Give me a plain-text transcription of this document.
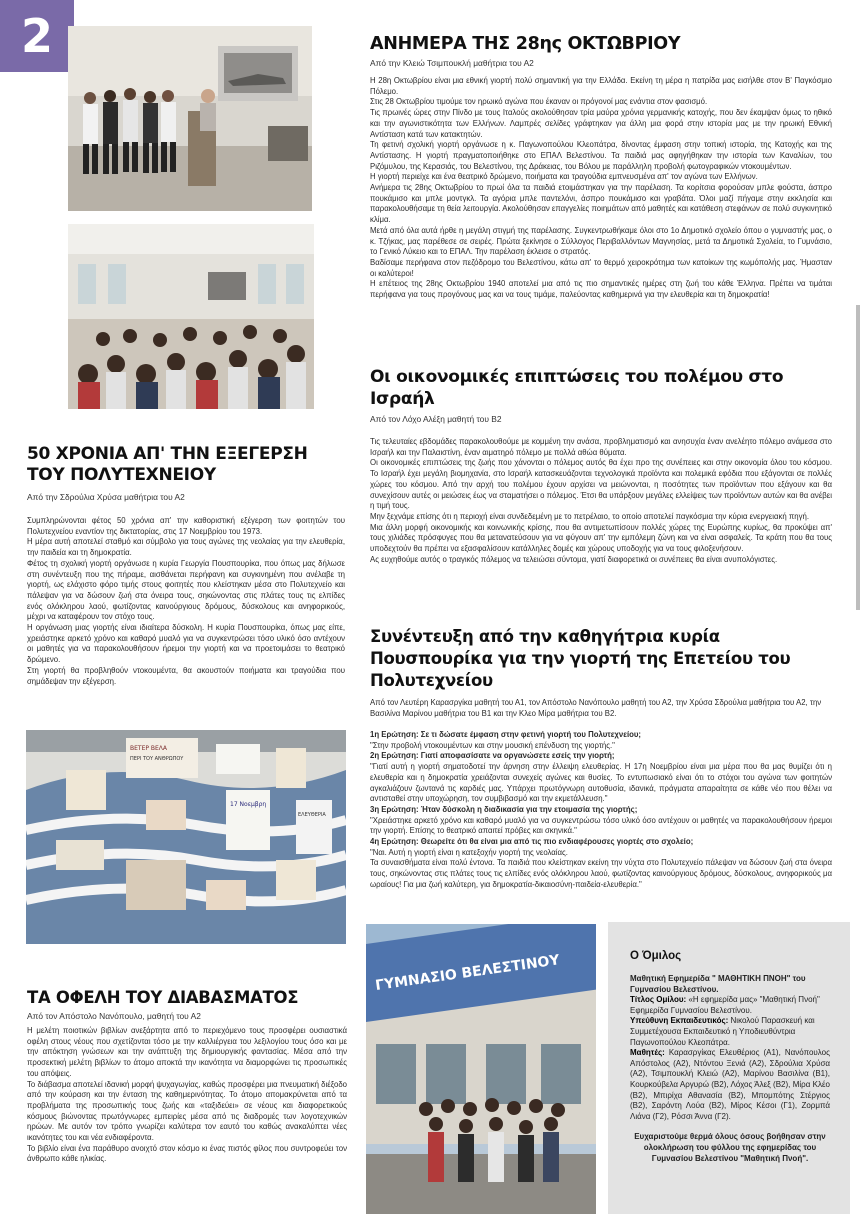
2	ΑΝΗΜΕΡΑ ΤΗΣ 28ης ΟΚΤΩΒΡΙΟΥ
Από την Κλειώ Τσιμπουκλή μαθήτρια του Α2

Η 28η Οκτωβρίου είναι μια εθνική γιορτή πολύ σημαντική για την Ελλάδα. Εκείνη τη μέρα η πατρίδα μας εισήλθε στον Β' Παγκόσμιο Πόλεμο.

Στις 28 Οκτωβρίου τιμούμε τον ηρωικό αγώνα που έκαναν οι πρόγονοί μας ενάντια στον φασισμό.

Τις πρωινές ώρες στην Πίνδο με τους Ιταλούς ακολούθησαν τρία μαύρα χρόνια γερμανικής κατοχής, που δεν έκαμψαν όμως το ηθικό και την αγωνιστικότητα των Ελλήνων. Λαμπρές σελίδες γράφτηκαν για άλλη μια φορά στην ιστορία μας με την ηρωική Εθνική Αντίσταση κατά των κατακτητών.

Τη φετινή σχολική γιορτή οργάνωσε η κ. Παγωνοπούλου Κλεοπάτρα, δίνοντας έμφαση στην τοπική ιστορία, της Κατοχής και της Αντίστασης. Η γιορτή πραγματοποιήθηκε στο ΕΠΑΛ Βελεστίνου. Τα παιδιά μας αφηγήθηκαν την ιστορία των Καναλίων, του Ριζόμυλου, της Κερασιάς, του Βελεστίνου, της Δράκειας, του Βόλου με παράλληλη προβολή φωτογραφικών ντοκουμέντων.

Η γιορτή περιείχε και ένα θεατρικό δρώμενο, ποιήματα και τραγούδια εμπνευσμένα απ' τον αγώνα των Ελλήνων.

Ανήμερα τις 28ης Οκτωβρίου το πρωί όλα τα παιδιά ετοιμάστηκαν για την παρέλαση. Τα κορίτσια φορούσαν μπλε φούστα, άσπρο πουκάμισο και μπλε μοντγκλ. Τα αγόρια μπλε παντελόνι, άσπρο πουκάμισο και γραβάτα. Όλοι μαζί πήγαμε στην εκκλησία και παρακολουθήσαμε τη θεία λειτουργία. Ακολούθησαν επαγγελίες ποιημάτων από μαθητές και κατάθεση στεφάνων σε πολύ συγκινητικό κλίμα.

Μετά από όλα αυτά ήρθε η μεγάλη στιγμή της παρέλασης. Συγκεντρωθήκαμε όλοι στο 1ο Δημοτικό σχολείο όπου ο γυμναστής μας, ο κ. Τζήκας, μας παρέθεσε σε σειρές. Πρώτα ξεκίνησε ο Σύλλογος Περιβαλλόντων Μαγνησίας, μετά τα Δημοτικά Σχολεία, το Γυμνάσιο, το Γενικό Λύκειο και το ΕΠΑΛ. Την παρέλαση έκλεισε ο στρατός.

Βαδίσαμε περήφανα στον πεζόδρομο του Βελεστίνου, κάτω απ' το θερμό χειροκρότημα των κατοίκων της κωμόπολής μας. Ήμασταν οι καλύτεροι!

Η επέτειος της 28ης Οκτωβρίου 1940 αποτελεί μια από τις πιο σημαντικές ημέρες στη ζωή του κάθε Έλληνα. Πρέπει να τιμάται περήφανα για τους προγόνους μας και να τους τιμάμε, παλεύοντας καθημερινά για την ελευθερία και τη δημοκρατία!

Οι οικονομικές επιπτώσεις του πολέμου στο Ισραήλ
Από τον Λόχο Αλέξη μαθητή του Β2

Τις τελευταίες εβδομάδες παρακολουθούμε με κομμένη την ανάσα, προβληματισμό και ανησυχία έναν ανελέητο πόλεμο ανάμεσα στο Ισραήλ και την Παλαιστίνη, έναν αιματηρό πόλεμο με πολλά αθώα θύματα.

Οι οικονομικές επιπτώσεις της ζωής που χάνονται ο πόλεμος αυτός θα έχει προ της συνέπειες και στην οικονομία όλου του κόσμου. Το Ισραήλ έχει μεγάλη βιομηχανία, στο Ισραήλ κατασκευάζονται τεχνολογικά προϊόντα και πολεμικά εφόδια που εξάγονται σε πολλές χώρες του κόσμου. Από την αρχή του πολέμου έχουν αρχίσει να μειώνονται, η ποσότητες των προϊόντων που εξάγουν και θα συνεχίσουν αυτές οι μειώσεις έως να σταματήσει ο πόλεμος. Έτσι θα υπάρξουν μεγάλες ελλείψεις των προϊόντων αυτών και θα ανέβει η τιμή τους.

Μην ξεχνάμε επίσης ότι η περιοχή είναι συνδεδεμένη με το πετρέλαιο, το οποίο αποτελεί παγκόσμια την κύρια ενεργειακή πηγή.

Μια άλλη μορφή οικονομικής και κοινωνικής κρίσης, που θα αντιμετωπίσουν πολλές χώρες της Ευρώπης κυρίως, θα προκύψει απ' τους χιλιάδες πρόσφυγες που θα μετανατεύσουν για να φύγουν απ' την εμπόλεμη ζώνη και να είναι ασφαλείς. Τα κράτη που θα τους υποδεχτούν θα πρέπει να εξασφαλίσουν κατάλληλες δομές και χώρους υποδοχής για να τους φιλοξενήσουν.

Ας ευχηθούμε αυτός ο τραγικός πόλεμος να τελειώσει σύντομα, γιατί διαφορετικά οι συνέπειες θα είναι ανυπολόγιστες.

50 ΧΡΟΝΙΑ ΑΠ' ΤΗΝ ΕΞΕΓΕΡΣΗ
ΤΟΥ ΠΟΛΥΤΕΧΝΕΙΟΥ
Από την Σδρούλια Χρύσα μαθήτρια του Α2

Συμπληρώνονται φέτος 50 χρόνια απ' την καθοριστική εξέγερση των φοιτητών του Πολυτεχνείου εναντίον της δικτατορίας, στις 17 Νοεμβρίου του 1973.

Η μέρα αυτή αποτελεί σταθμό και σύμβολο για τους αγώνες της νεολαίας για την ελευθερία, την παιδεία και τη δημοκρατία.

Φέτος τη σχολική γιορτή οργάνωσε η κυρία Γεωργία Πουσπουρίκα, που όπως μας δήλωσε στη συνέντευξη που της πήραμε, αισθάνεται περήφανη και συγκινημένη που ανέλαβε τη γιορτή, ως ελάχιστο φόρο τιμής στους φοιτητές που κλείστηκαν μέσα στο Πολυτεχνείο και πάλεψαν για να δώσουν ζωή στα όνειρα τους, σηκώνοντας στις πλάτες τους τις ελπίδες ενός ολόκληρου λαού, φωτίζοντας καινούργιους δρόμους, δύσκολους και ανηφορικούς, μέχρι να καταφέρουν τον στόχο τους.

Η οργάνωση μιας γιορτής είναι ιδιαίτερα δύσκολη. Η κυρία Πουσπουρίκα, όπως μας είπε, χρειάστηκε αρκετό χρόνο και καθαρό μυαλό για να συγκεντρώσει τόσο υλικό όσο αντέχουν οι μαθητές για να παρακολουθήσουν ήρεμοι την γιορτή και να προετοιμάσει το θεατρικό δρώμενο.

Στη γιορτή θα προβληθούν ντοκουμέντα, θα ακουστούν ποιήματα και τραγούδια που σημάδεψαν την εξέγερση.

Συνέντευξη από την καθηγήτρια κυρία
Πουσπουρίκα για την γιορτή της Επετείου του
Πολυτεχνείου

Από τον Λευτέρη Καρασργίκα μαθητή του Α1, τον Απόστολο Νανόπουλο μαθητή του Α2, την Χρύσα Σδρούλια μαθήτρια του Α2, την Βασιλίνα Μαρίνου μαθήτρια του Β1 και την Κλεο Μίρα μαθήτρια του Β2.

1η Ερώτηση: Σε τι δώσατε έμφαση στην φετινή γιορτή του Πολυτεχνείου;

"Στην προβολή ντοκουμέντων και στην μουσική επένδυση της γιορτής."

2η Ερώτηση: Γιατί αποφασίσατε να οργανώσετε εσείς την γιορτή;

"Γιατί αυτή η γιορτή σηματοδοτεί την άρνηση στην έλλειψη ελευθερίας. Η 17η Νοεμβρίου είναι μια μέρα που θα μας θυμίζει ότι η ελευθερία και η δημοκρατία χρειάζονται συνεχείς αγώνες και θυσίες. Το εντυπωσιακό είναι ότι το στόχοι του αγώνα των φοιτητών αγκαλιάζουν ζωντανά τις καρδιές μας. Υπάρχει πρωτόγνωρη αυτοθυσία, ιδανικά, πράγματα απαραίτητα σε κάθε νέο που θέλει να αντισταθεί στην υποχώρηση, τον συμβιβασμό και την εκμετάλλευση."

3η Ερώτηση: Ήταν δύσκολη η διαδικασία για την ετοιμασία της γιορτής;

"Χρειάστηκε αρκετό χρόνο και καθαρό μυαλό για να συγκεντρώσω τόσο υλικό όσο αντέχουν οι μαθητές να παρακολουθήσουν ήρεμοι την γιορτή. Επίσης το θεατρικό απαιτεί πρόβες και σκηνικά."

4η Ερώτηση: Θεωρείτε ότι θα είναι μια από τις πιο ενδιαφέρουσες γιορτές στο σχολείο;

"Ναι. Αυτή η γιορτή είναι η κατεξοχήν γιορτή της νεολαίας.

Τα συναισθήματα είναι πολύ έντονα. Τα παιδιά που κλείστηκαν εκείνη την νύχτα στο Πολυτεχνείο πάλεψαν να δώσουν ζωή στα όνειρα τους, σηκώνοντας στις πλάτες τους τις ελπίδες ενός ολόκληρου λαού, φωτίζοντας καινούργιους δρόμους, δύσκολους, ανηφορικούς μα ωραίους! Για μια ζωή καλύτερη, για δημοκρατία-δικαιοσύνη-παιδεία-ελευθερία."

ΒΕΤΕΡ ΒΕΛΑ
ΠΕΡΙ ΤΟΥ ΑΝΘΡΩΠΟΥ
17 Νοεμβρη
ΕΛΕΥΘΕΡΙΑ
ΤΑ ΟΦΕΛΗ ΤΟΥ ΔΙΑΒΑΣΜΑΤΟΣ
Από τον Απόστολο Νανόπουλο, μαθητή του Α2

Η μελέτη ποιοτικών βιβλίων ανεξάρτητα από το περιεχόμενο τους προσφέρει ουσιαστικά οφέλη στους νέους που σχετίζονται τόσο με την καλλιέργεια του λεξιλογίου τους όσο και με την απόκτηση γνώσεων και την ανάπτυξη της δημιουργικής φαντασίας. Μέσα από την προσεκτική μελέτη βιβλίων το άτομο αποκτά την ικανότητα να διαμορφώνει τις προσωπικές του απόψεις.

Το διάβασμα αποτελεί ιδανική μορφή ψυχαγωγίας, καθώς προσφέρει μια πνευματική διέξοδο από την κούραση και την ένταση της καθημερινότητας. Το άτομο απομακρύνεται από τα προβλήματα της προσωπικής τους ζωής και «ταξιδεύει» σε νέους και διαφορετικούς κόσμους βιώνοντας πρωτόγνωρες εμπειρίες μέσα από τις διαδρομές των λογοτεχνικών ηρώων. Με αυτόν τον τρόπο γνωρίζει καλύτερα τον εαυτό του καθώς ανακαλύπτει νέες ικανότητες του και νέα ενδιαφέροντα.

Το βιβλίο είναι ένα παράθυρο ανοιχτό στον κόσμο κι ένας πιστός φίλος που συντροφεύει τον άνθρωπο κάθε ηλικίας.

ΓΥΜΝΑΣΙΟ ΒΕΛΕΣΤΙΝΟΥ	Ο Όμιλος

Μαθητική Εφημερίδα " ΜΑΘΗΤΙΚΗ ΠΝΟΗ" του Γυμνασίου Βελεστίνου.

Τίτλος Ομίλου: «Η εφημερίδα μας» "Μαθητική Πνοή" Εφημερίδα Γυμνασίου Βελεστίνου.

Υπεύθυνη Εκπαιδευτικός: Νικολού Παρασκευή και Συμμετέχουσα Εκπαιδευτικό η Υποδιευθύντρια Παγωνοπούλου Κλεοπάτρα.

Μαθητές: Καρασργίκας Ελευθέριος (Α1), Νανόπουλος Απόστολος (Α2), Ντόντου Ξενιά (Α2), Σδρούλια Χρύσα (Α2), Τσιμπουκλή Κλειώ (Α2), Μαρίνου Βασιλίνα (Β1), Κουρκούβελα Αργυρώ (Β2), Λόχος Άλεξ (Β2), Μίρα Κλέο (Β2), Μπιρίχα Αθανασία (Β2), Μπομπότης Στέργιος (Β2), Σαρόντη Λούα (Β2), Μίρος Κέσοι (Γ1), Ζορμπά Λιάνα (Γ2), Ρόσσι Άννα (Γ2).

Ευχαριστούμε θερμά όλους όσους βοήθησαν στην ολοκλήρωση του φύλλου της εφημερίδας του Γυμνασίου Βελεστίνου "Μαθητική Πνοή".
